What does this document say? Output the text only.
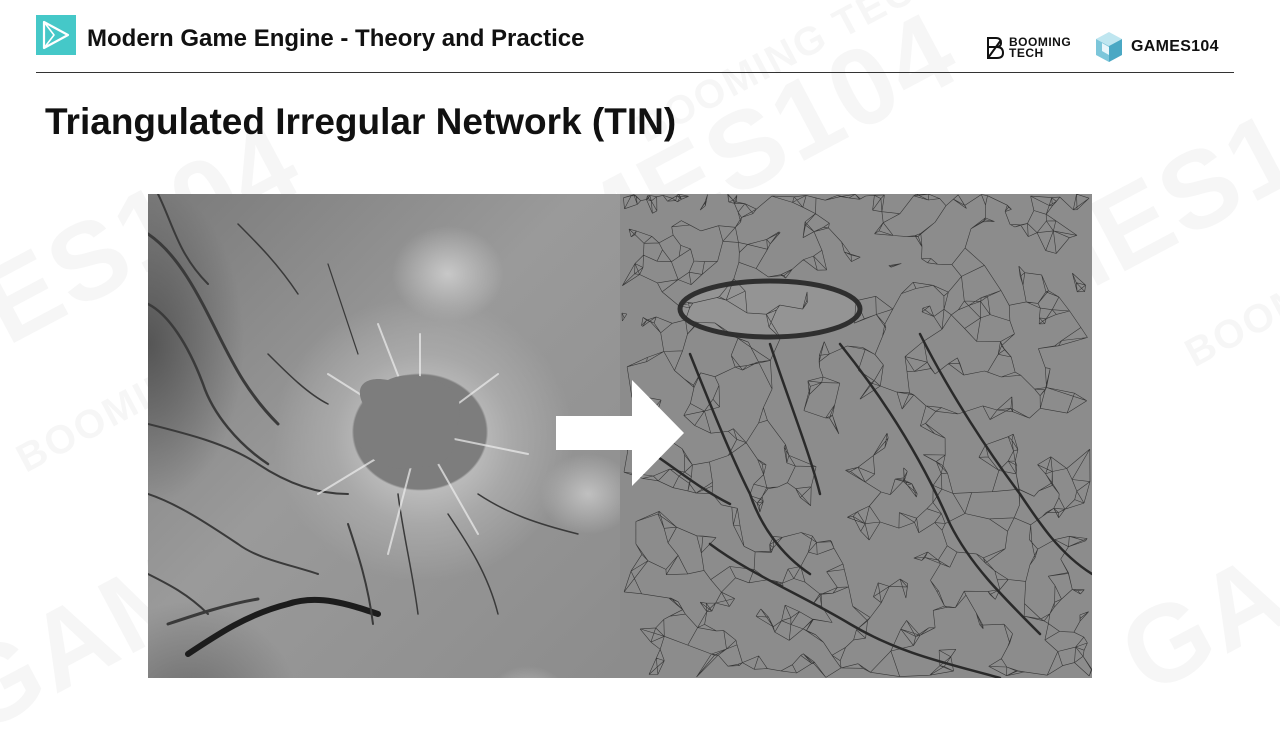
Modern Game Engine - Theory and Practice	BOOMING
TECH	GAMES104
Triangulated Irregular Network (TIN)
